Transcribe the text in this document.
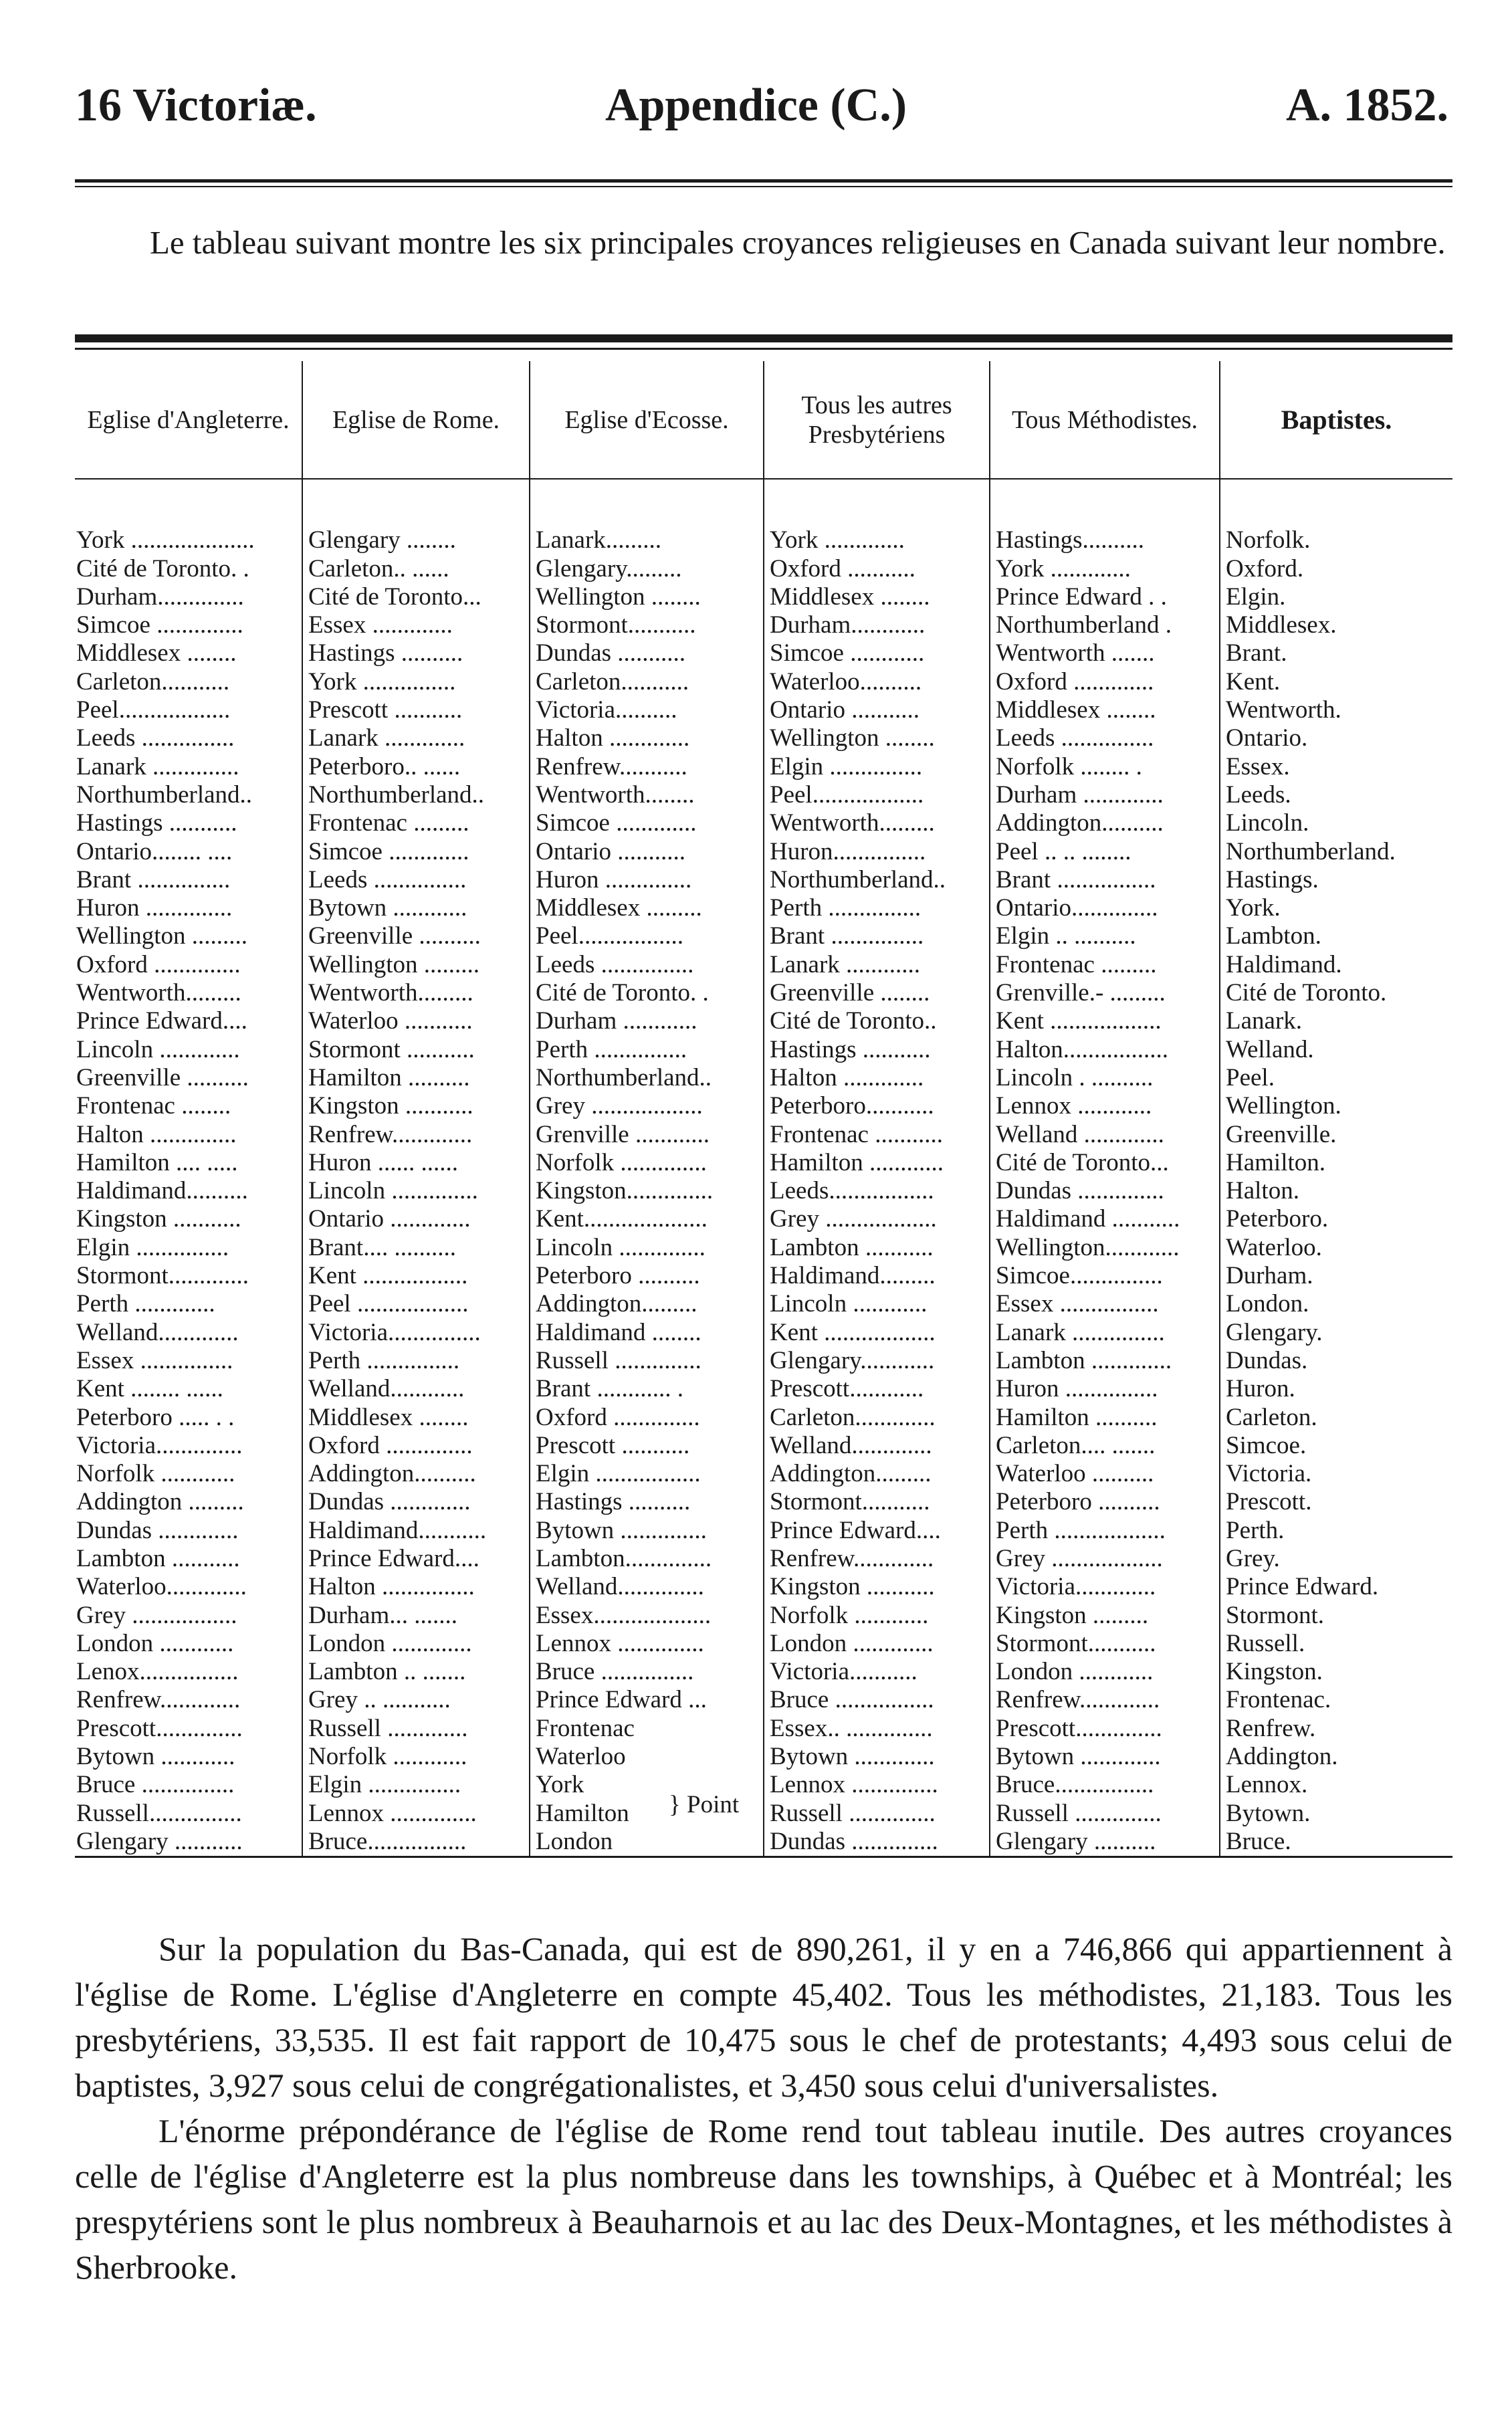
16 Victoriæ.	Appendice (C.)	A. 1852.
Le tableau suivant montre les six principales croyances religieuses en Canada suivant leur nombre.
Eglise d'Angleterre.	Eglise de Rome.	Eglise d'Ecosse.	Tous les autres Presbytériens	Tous Méthodistes.	Baptistes.

York ....................	Glengary ........	Lanark.........	York .............	Hastings..........	Norfolk.
Cité de Toronto. .	Carleton.. ......	Glengary.........	Oxford ...........	York .............	Oxford.
Durham..............	Cité de Toronto...	Wellington ........	Middlesex ........	Prince Edward . .	Elgin.
Simcoe ..............	Essex .............	Stormont...........	Durham............	Northumberland .	Middlesex.
Middlesex ........	Hastings ..........	Dundas ...........	Simcoe ............	Wentworth .......	Brant.
Carleton...........	York ...............	Carleton...........	Waterloo..........	Oxford .............	Kent.
Peel..................	Prescott ...........	Victoria..........	Ontario ...........	Middlesex ........	Wentworth.
Leeds ...............	Lanark .............	Halton .............	Wellington ........	Leeds ...............	Ontario.
Lanark ..............	Peterboro.. ......	Renfrew...........	Elgin ...............	Norfolk ........ .	Essex.
Northumberland..	Northumberland..	Wentworth........	Peel..................	Durham .............	Leeds.
Hastings ...........	Frontenac .........	Simcoe .............	Wentworth.........	Addington..........	Lincoln.
Ontario........ ....	Simcoe .............	Ontario ...........	Huron...............	Peel .. .. ........	Northumberland.
Brant ...............	Leeds ...............	Huron ..............	Northumberland..	Brant ................	Hastings.
Huron ..............	Bytown ............	Middlesex .........	Perth ...............	Ontario..............	York.
Wellington .........	Greenville ..........	Peel.................	Brant ...............	Elgin .. ..........	Lambton.
Oxford ..............	Wellington .........	Leeds ...............	Lanark ............	Frontenac .........	Haldimand.
Wentworth.........	Wentworth.........	Cité de Toronto. .	Greenville ........	Grenville.- .........	Cité de Toronto.
Prince Edward....	Waterloo ...........	Durham ............	Cité de Toronto..	Kent ..................	Lanark.
Lincoln .............	Stormont ...........	Perth ...............	Hastings ...........	Halton.................	Welland.
Greenville ..........	Hamilton ..........	Northumberland..	Halton .............	Lincoln . ..........	Peel.
Frontenac ........	Kingston ...........	Grey ..................	Peterboro...........	Lennox ............	Wellington.
Halton ..............	Renfrew.............	Grenville ............	Frontenac ...........	Welland .............	Greenville.
Hamilton .... .....	Huron ...... ......	Norfolk ..............	Hamilton ............	Cité de Toronto...	Hamilton.
Haldimand..........	Lincoln ..............	Kingston..............	Leeds.................	Dundas ..............	Halton.
Kingston ...........	Ontario .............	Kent....................	Grey ..................	Haldimand ...........	Peterboro.
Elgin ...............	Brant.... ..........	Lincoln ..............	Lambton ...........	Wellington............	Waterloo.
Stormont.............	Kent .................	Peterboro ..........	Haldimand.........	Simcoe...............	Durham.
Perth .............	Peel ..................	Addington.........	Lincoln ............	Essex ................	London.
Welland.............	Victoria...............	Haldimand ........	Kent ..................	Lanark ...............	Glengary.
Essex ...............	Perth ...............	Russell ..............	Glengary............	Lambton .............	Dundas.
Kent ........ ......	Welland............	Brant ............ .	Prescott............	Huron ...............	Huron.
Peterboro ..... . .	Middlesex ........	Oxford ..............	Carleton.............	Hamilton ..........	Carleton.
Victoria..............	Oxford ..............	Prescott ...........	Welland.............	Carleton.... .......	Simcoe.
Norfolk ............	Addington..........	Elgin .................	Addington.........	Waterloo ..........	Victoria.
Addington .........	Dundas .............	Hastings ..........	Stormont...........	Peterboro ..........	Prescott.
Dundas .............	Haldimand...........	Bytown ..............	Prince Edward....	Perth ..................	Perth.
Lambton ...........	Prince Edward....	Lambton..............	Renfrew.............	Grey ..................	Grey.
Waterloo.............	Halton ...............	Welland..............	Kingston ...........	Victoria.............	Prince Edward.
Grey .................	Durham... .......	Essex...................	Norfolk ............	Kingston .........	Stormont.
London ............	London .............	Lennox ..............	London .............	Stormont...........	Russell.
Lenox................	Lambton .. .......	Bruce ...............	Victoria...........	London ............	Kingston.
Renfrew.............	Grey .. ...........	Prince Edward ...	Bruce ................	Renfrew.............	Frontenac.
Prescott..............	Russell .............	Frontenac	Essex.. ..............	Prescott..............	Renfrew.
Bytown ............	Norfolk ............	Waterloo	Bytown .............	Bytown .............	Addington.
Bruce ...............	Elgin ...............	York	Lennox ..............	Bruce................	Lennox.
Russell...............	Lennox ..............	Hamilton	Russell ..............	Russell ..............	Bytown.
Glengary ...........	Bruce................	London	Dundas ..............	Glengary ..........	Bruce.
} Point

Sur la population du Bas-Canada, qui est de 890,261, il y en a 746,866 qui appartiennent à l'église de Rome. L'église d'Angleterre en compte 45,402. Tous les méthodistes, 21,183. Tous les presbytériens, 33,535. Il est fait rapport de 10,475 sous le chef de protestants; 4,493 sous celui de baptistes, 3,927 sous celui de congrégationalistes, et 3,450 sous celui d'universalistes.

L'énorme prépondérance de l'église de Rome rend tout tableau inutile. Des autres croyances celle de l'église d'Angleterre est la plus nombreuse dans les townships, à Québec et à Montréal; les prespytériens sont le plus nombreux à Beauharnois et au lac des Deux-Montagnes, et les méthodistes à Sherbrooke.
